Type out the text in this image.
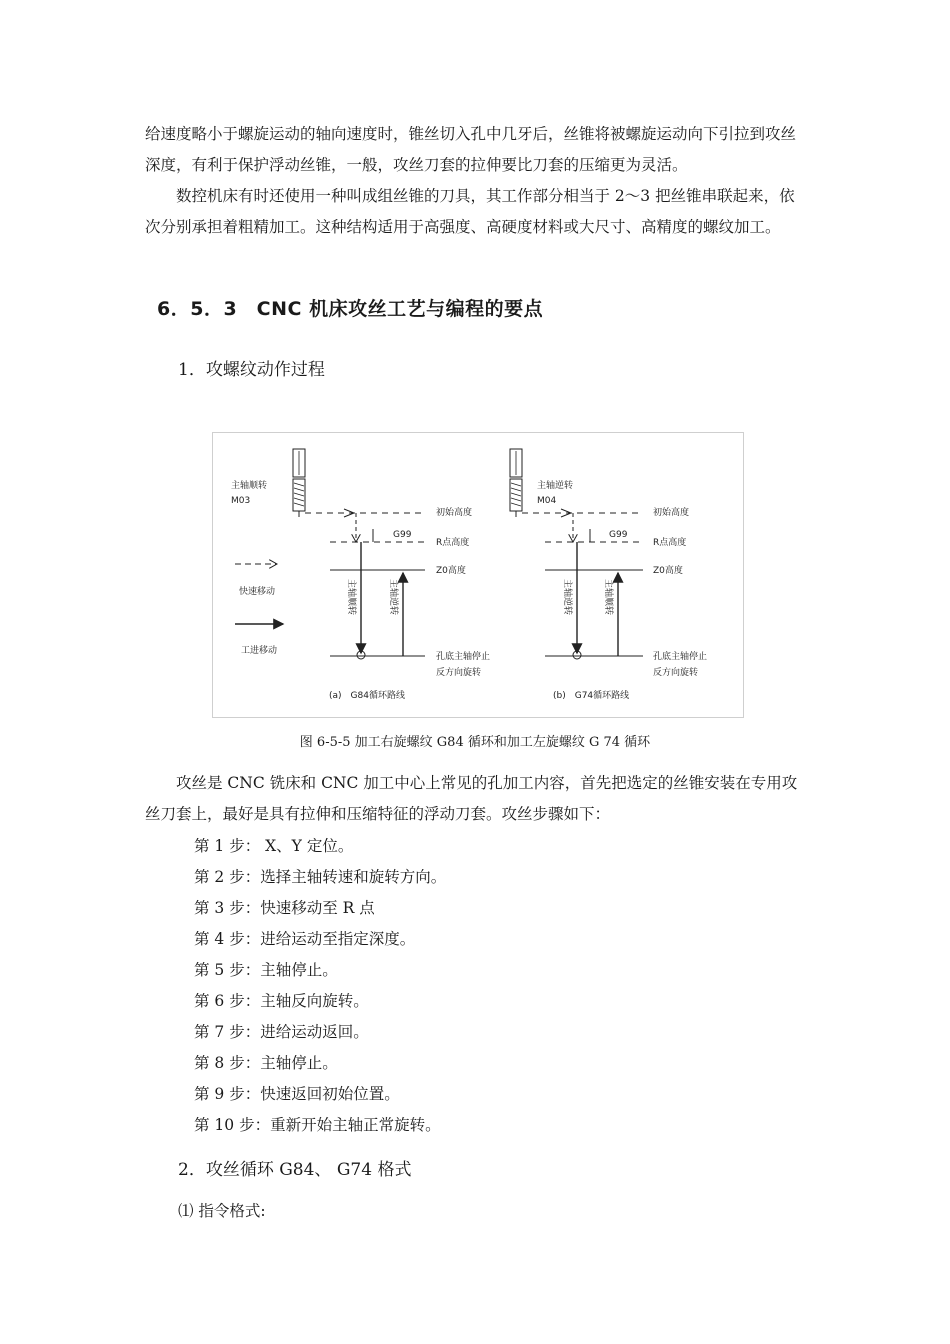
给速度略小于螺旋运动的轴向速度时，锥丝切入孔中几牙后，丝锥将被螺旋运动向下引拉到攻丝深度，有利于保护浮动丝锥，一般，攻丝刀套的拉伸要比刀套的压缩更为灵活。

数控机床有时还使用一种叫成组丝锥的刀具，其工作部分相当于 2～3 把丝锥串联起来，依次分别承担着粗精加工。这种结构适用于高强度、高硬度材料或大尺寸、高精度的螺纹加工。

6．5．3　CNC 机床攻丝工艺与编程的要点

1．攻螺纹动作过程

主轴顺转
M03
初始高度
R点高度
G99
Z0高度
主轴顺转	主轴逆转
孔底主轴停止
反方向旋转
(a)　G84循环路线
快速移动
工进移动
主轴逆转
M04
初始高度
R点高度
G99
Z0高度
主轴逆转	主轴顺转
孔底主轴停止
反方向旋转
(b)　G74循环路线

图 6-5-5 加工右旋螺纹 G84 循环和加工左旋螺纹 G 74 循环

攻丝是 CNC 铣床和 CNC 加工中心上常见的孔加工内容，首先把选定的丝锥安装在专用攻丝刀套上，最好是具有拉伸和压缩特征的浮动刀套。攻丝步骤如下：

第 1 步： X、Y 定位。

第 2 步：选择主轴转速和旋转方向。

第 3 步：快速移动至 R 点

第 4 步：进给运动至指定深度。

第 5 步：主轴停止。

第 6 步：主轴反向旋转。

第 7 步：进给运动返回。

第 8 步：主轴停止。

第 9 步：快速返回初始位置。

第 10 步：重新开始主轴正常旋转。

2．攻丝循环 G84、 G74 格式

⑴ 指令格式:
